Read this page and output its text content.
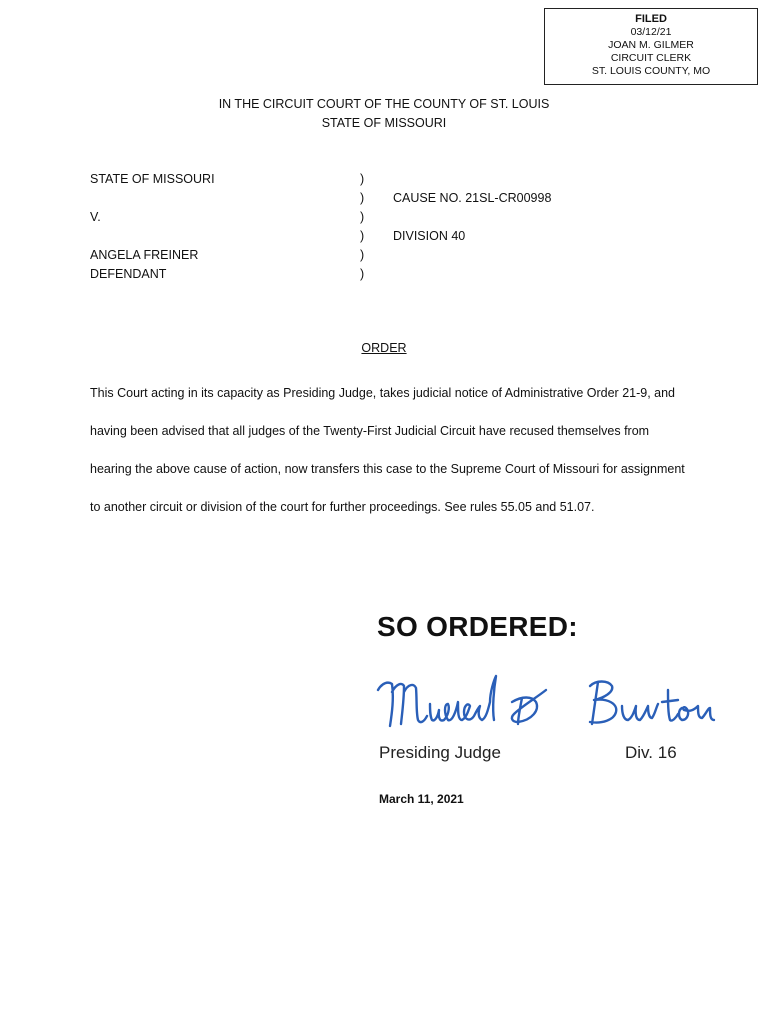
FILED
03/12/21
JOAN M. GILMER
CIRCUIT CLERK
ST. LOUIS COUNTY, MO
IN THE CIRCUIT COURT OF THE COUNTY OF ST. LOUIS
STATE OF MISSOURI
STATE OF MISSOURI	)
)	CAUSE NO. 21SL-CR00998
V.	)
)	DIVISION 40
ANGELA FREINER	)
DEFENDANT	)
ORDER
This Court acting in its capacity as Presiding Judge, takes judicial notice of Administrative Order 21-9, and having been advised that all judges of the Twenty-First Judicial Circuit have recused themselves from hearing the above cause of action, now transfers this case to the Supreme Court of Missouri for assignment to another circuit or division of the court for further proceedings. See rules 55.05 and 51.07.
SO ORDERED:
Presiding Judge	Div. 16
March 11, 2021
